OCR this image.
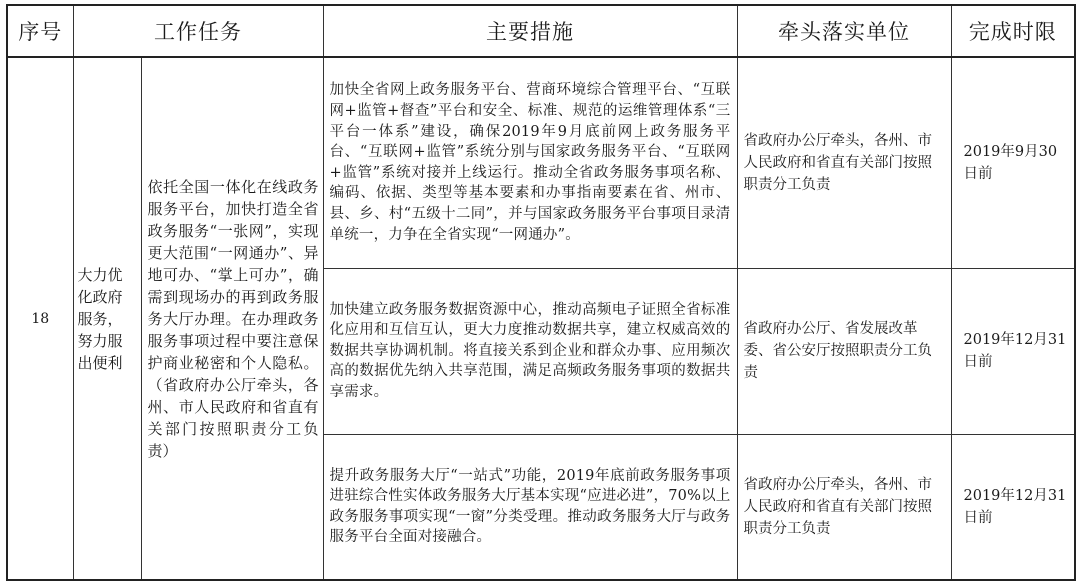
序号	工作任务		主要措施	牵头落实单位	完成时限
18	大力优化政府服务，努力服出便利	依托全国一体化在线政务服务平台，加快打造全省政务服务“一张网”，实现更大范围“一网通办”、异地可办、“掌上可办”，确需到现场办的再到政务服务大厅办理。在办理政务服务事项过程中要注意保护商业秘密和个人隐私。（省政府办公厅牵头，各州、市人民政府和省直有关部门按照职责分工负责）	加快全省网上政务服务平台、营商环境综合管理平台、“互联网+监管+督查”平台和安全、标准、规范的运维管理体系“三平台一体系”建设，确保2019年9月底前网上政务服务平台、“互联网+监管”系统分别与国家政务服务平台、“互联网+监管”系统对接并上线运行。推动全省政务服务事项名称、编码、依据、类型等基本要素和办事指南要素在省、州市、县、乡、村“五级十二同”，并与国家政务服务平台事项目录清单统一，力争在全省实现“一网通办”。	省政府办公厅牵头，各州、市人民政府和省直有关部门按照职责分工负责	2019年9月30日前
			加快建立政务服务数据资源中心，推动高频电子证照全省标准化应用和互信互认，更大力度推动数据共享，建立权威高效的数据共享协调机制。将直接关系到企业和群众办事、应用频次高的数据优先纳入共享范围，满足高频政务服务事项的数据共享需求。	省政府办公厅、省发展改革委、省公安厅按照职责分工负责	2019年12月31日前
			提升政务服务大厅“一站式”功能，2019年底前政务服务事项进驻综合性实体政务服务大厅基本实现“应进必进”，70%以上政务服务事项实现“一窗”分类受理。推动政务服务大厅与政务服务平台全面对接融合。	省政府办公厅牵头，各州、市人民政府和省直有关部门按照职责分工负责	2019年12月31日前
